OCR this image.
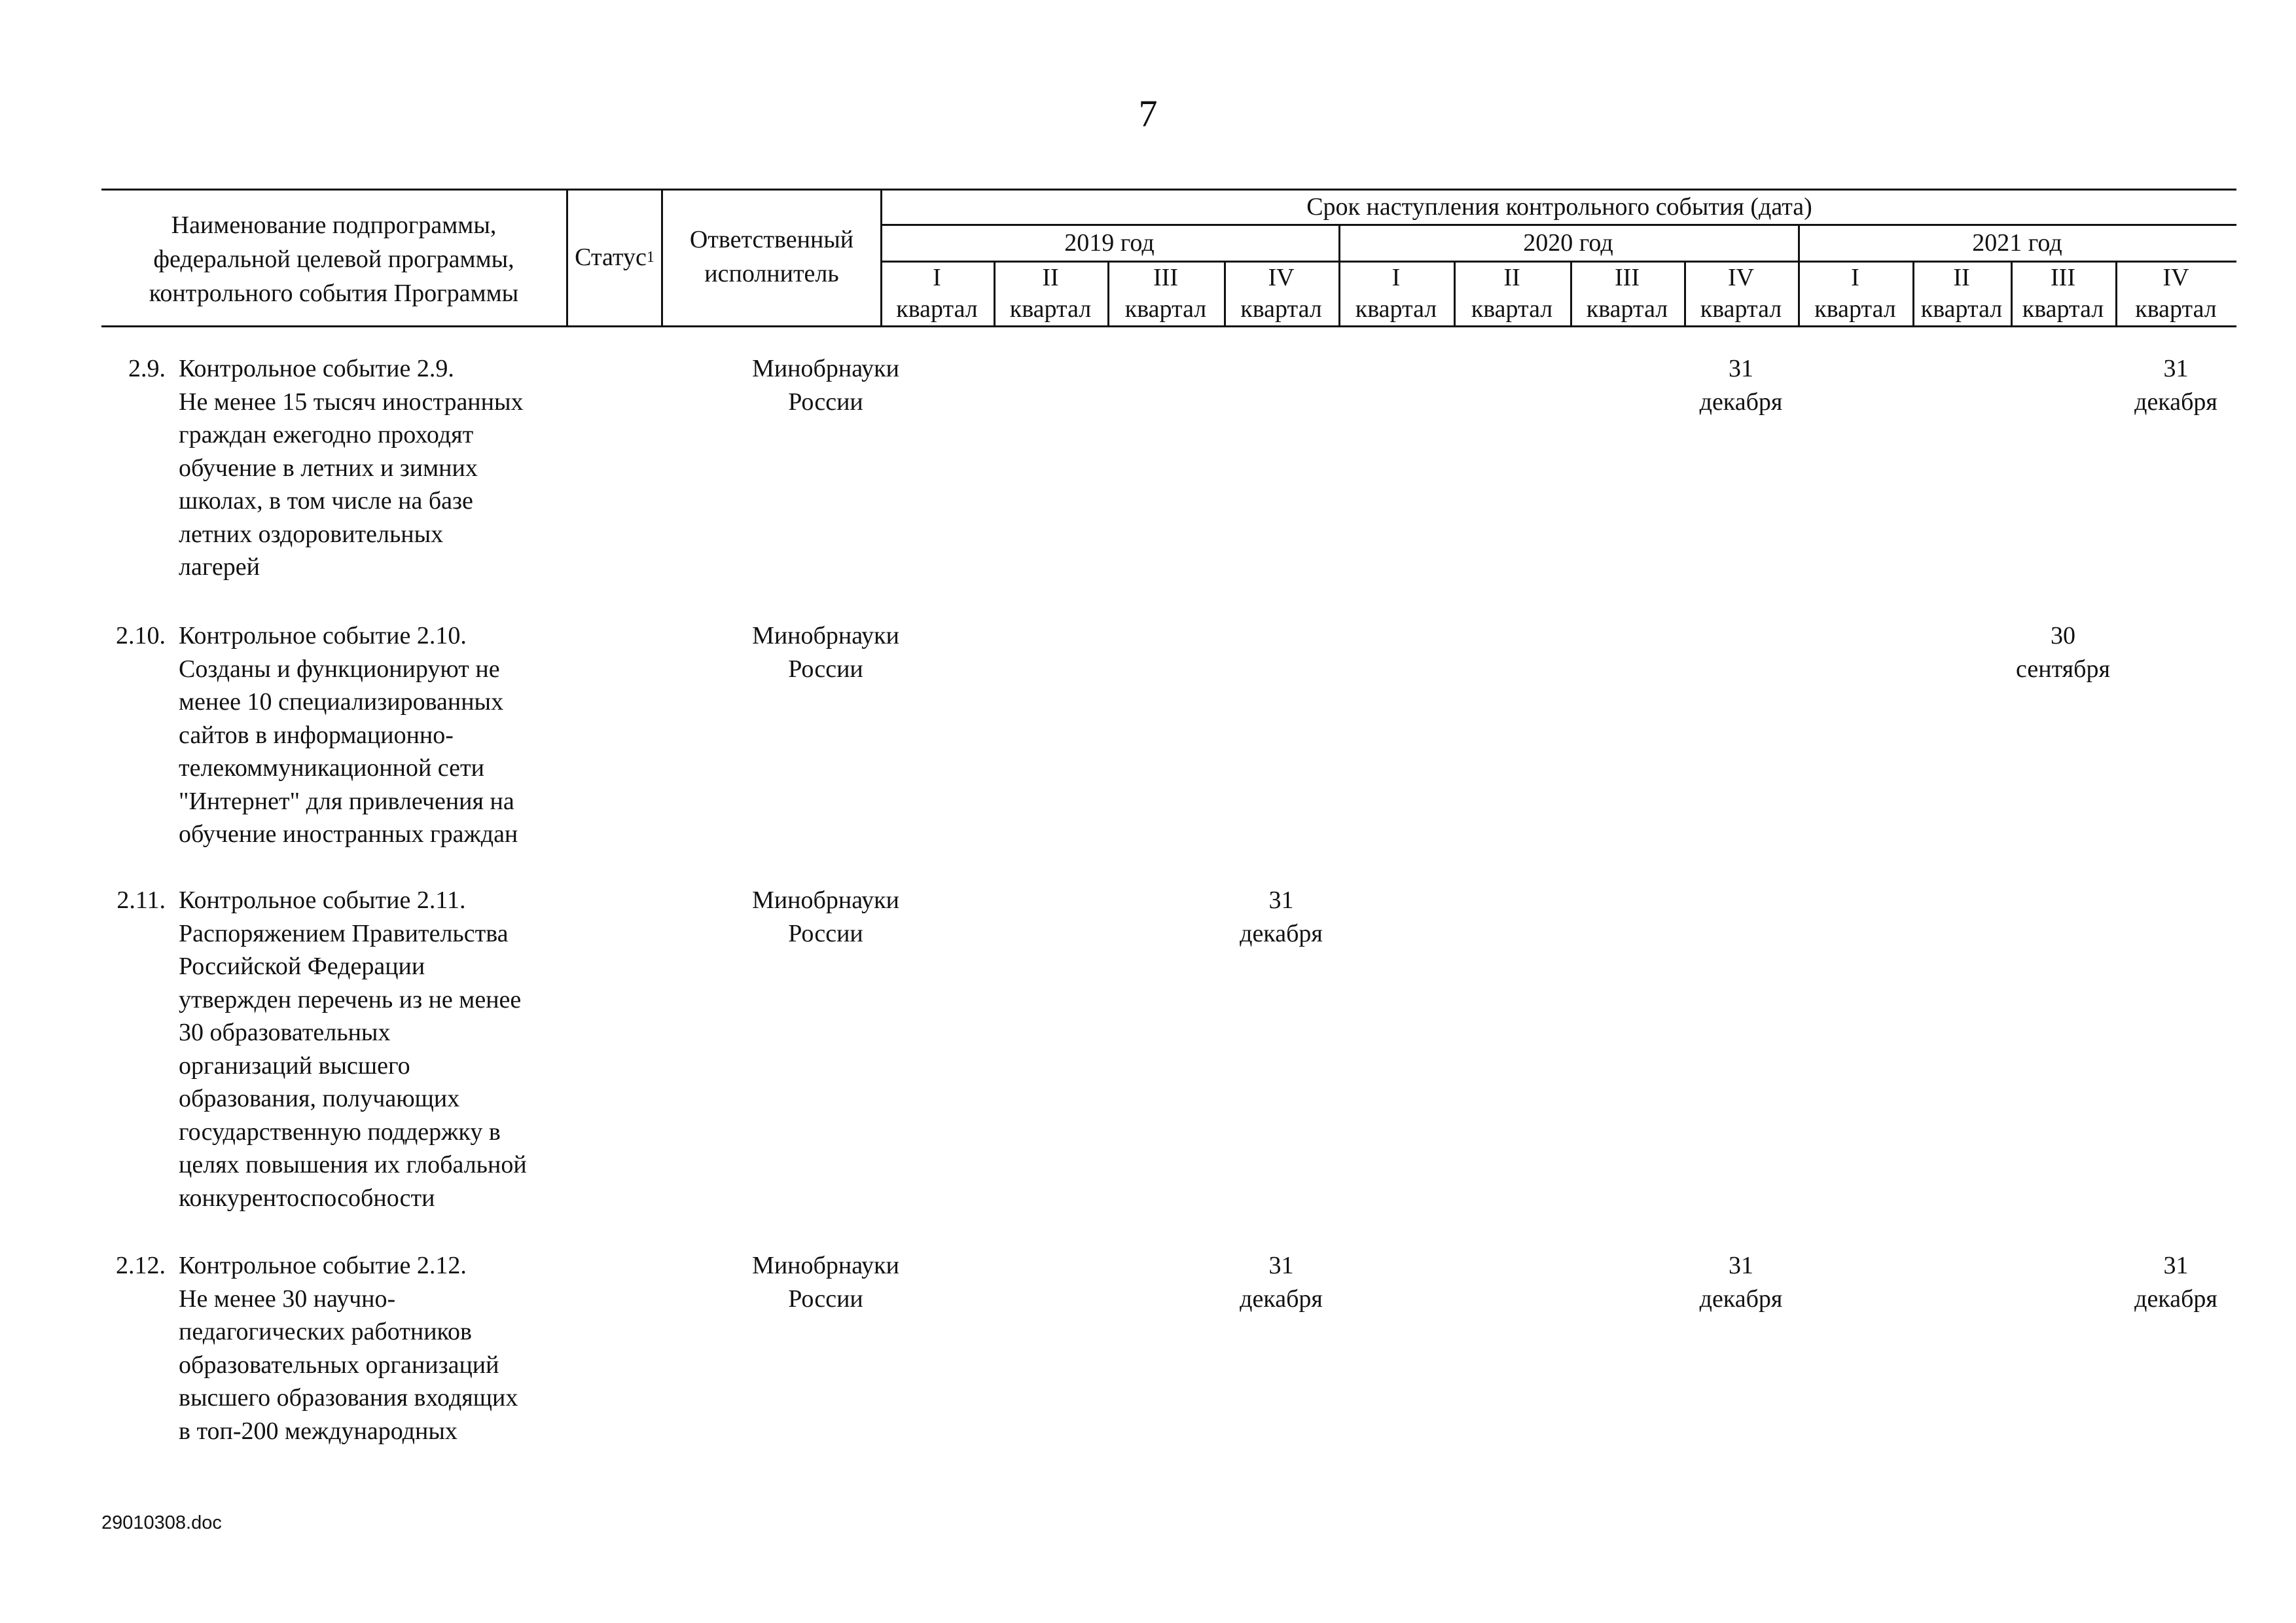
7
Наименование подпрограммы, федеральной целевой программы, контрольного события Программы
Статус 1
Ответственный исполнитель
Срок наступления контрольного события (дата)
2019 год	2020 год	2021 год
I
квартал
II
квартал
III
квартал
IV
квартал
I
квартал
II
квартал
III
квартал
IV
квартал
I
квартал
II
квартал
III
квартал
IV
квартал
2.9. Контрольное событие 2.9.
Не менее 15 тысяч иностранных
граждан ежегодно проходят
обучение в летних и зимних
школах, в том числе на базе
летних оздоровительных
лагерей
Минобрнауки
России
31
декабря
31
декабря
2.10. Контрольное событие 2.10.
Созданы и функционируют не
менее 10 специализированных
сайтов в информационно-
телекоммуникационной сети
"Интернет" для привлечения на
обучение иностранных граждан
Минобрнауки
России
30
сентября
2.11. Контрольное событие 2.11.
Распоряжением Правительства
Российской Федерации
утвержден перечень из не менее
30 образовательных
организаций высшего
образования, получающих
государственную поддержку в
целях повышения их глобальной
конкурентоспособности
Минобрнауки
России
31
декабря
2.12. Контрольное событие 2.12.
Не менее 30 научно-
педагогических работников
образовательных организаций
высшего образования входящих
в топ-200 международных
Минобрнауки
России
31
декабря
31
декабря
31
декабря
29010308.doc
